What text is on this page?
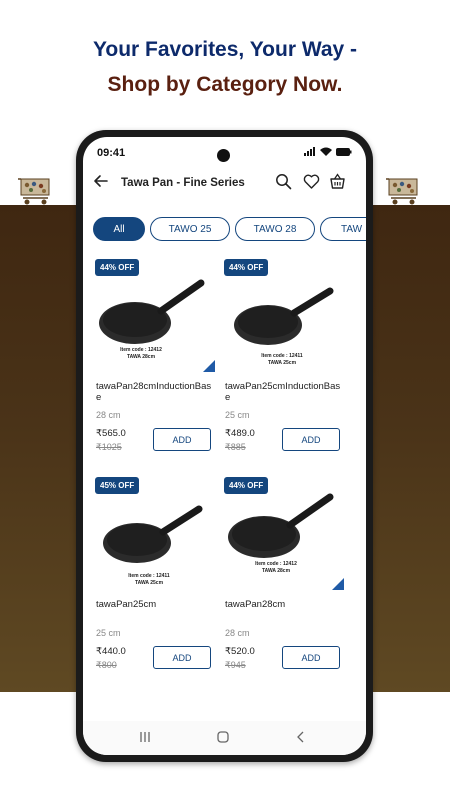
Your Favorites, Your Way -
Shop by Category Now.
09:41
Tawa Pan - Fine Series
All	TAWO 25	TAWO 28	TAW
44% OFF
Item code : 12412
TAWA 28cm
tawaPan28cmInductionBase
28 cm
₹565.0
₹1025
ADD
44% OFF
Item code : 12411
TAWA 25cm
tawaPan25cmInductionBase
25 cm
₹489.0
₹885
ADD
45% OFF
Item code : 12411
TAWA 25cm
tawaPan25cm
25 cm
₹440.0
₹800
ADD
44% OFF
Item code : 12412
TAWA 28cm
tawaPan28cm
28 cm
₹520.0
₹945
ADD
